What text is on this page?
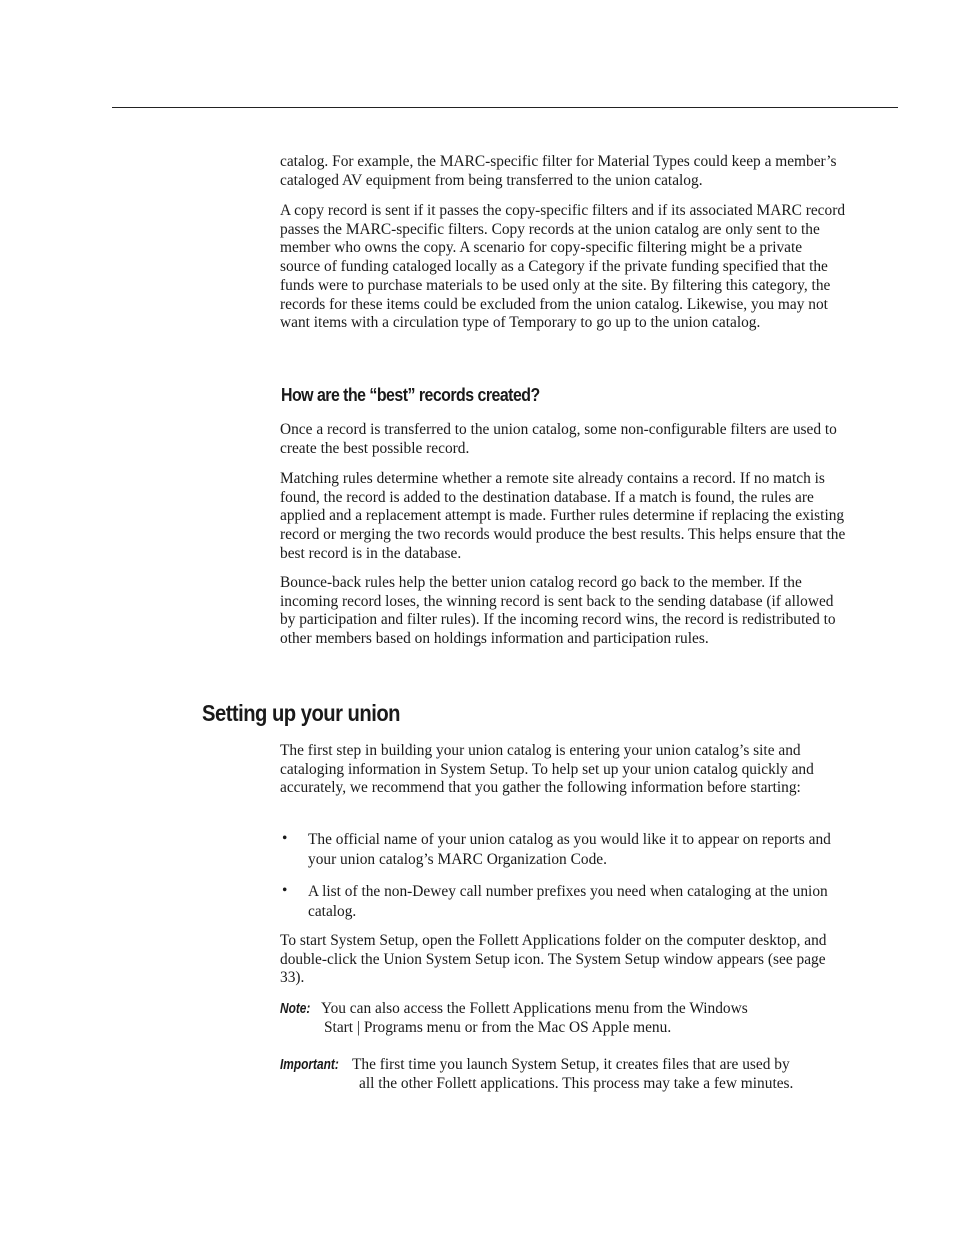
catalog. For example, the MARC-specific filter for Material Types could keep a member’s cataloged AV equipment from being transferred to the union catalog.

A copy record is sent if it passes the copy-specific filters and if its associated MARC record passes the MARC-specific filters. Copy records at the union catalog are only sent to the member who owns the copy. A scenario for copy-specific filtering might be a private source of funding cataloged locally as a Category if the private funding specified that the funds were to purchase materials to be used only at the site. By filtering this category, the records for these items could be excluded from the union catalog. Likewise, you may not want items with a circulation type of Temporary to go up to the union catalog.

How are the “best” records created?

Once a record is transferred to the union catalog, some non-configurable filters are used to create the best possible record.

Matching rules determine whether a remote site already contains a record. If no match is found, the record is added to the destination database. If a match is found, the rules are applied and a replacement attempt is made. Further rules determine if replacing the existing record or merging the two records would produce the best results. This helps ensure that the best record is in the database.

Bounce-back rules help the better union catalog record go back to the member. If the incoming record loses, the winning record is sent back to the sending database (if allowed by participation and filter rules). If the incoming record wins, the record is redistributed to other members based on holdings information and participation rules.

Setting up your union

The first step in building your union catalog is entering your union catalog’s site and cataloging information in System Setup. To help set up your union catalog quickly and accurately, we recommend that you gather the following information before starting:

• The official name of your union catalog as you would like it to appear on reports and your union catalog’s MARC Organization Code.

• A list of the non-Dewey call number prefixes you need when cataloging at the union catalog.

To start System Setup, open the Follett Applications folder on the computer desktop, and double-click the Union System Setup icon. The System Setup window appears (see page 33).

Note: You can also access the Follett Applications menu from the Windows

Start | Programs menu or from the Mac OS Apple menu.

Important: The first time you launch System Setup, it creates files that are used by

all the other Follett applications. This process may take a few minutes.
